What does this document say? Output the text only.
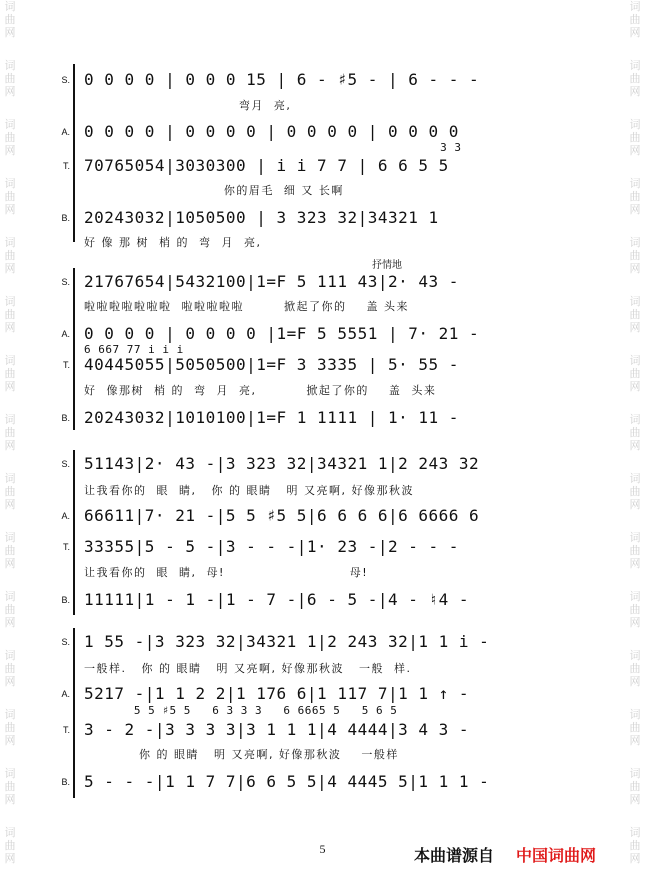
词
曲
网
词
曲
网
词
曲
网
词
曲
网
词
曲
网
词
曲
网
词
曲
网
词
曲
网
词
曲
网
词
曲
网
词
曲
网
词
曲
网
词
曲
网
词
曲
网
词
曲
网
词
曲
网
词
曲
网
词
曲
网
词
曲
网
词
曲
网
词
曲
网
词
曲
网
词
曲
网
词
曲
网
词
曲
网
词
曲
网
词
曲
网
词
曲
网
词
曲
网
词
曲
网
S. 0 0 0 0 | 0 0 0 15 | 6 - ♯5 - | 6 - - -
弯月  亮,
A. 0 0 0 0 | 0 0 0 0 | 0 0 0 0 | 0 0 0 0
3 3
T. 70765054|3030300 | i i 7 7 | 6 6 5 5
你的眉毛  细 又 长啊
B. 20243032|1050500 | 3 323 32|34321 1
好 像 那 树  梢 的  弯  月  亮,
抒情地
S. 21767654|5432100|1=F 5 111 43|2· 43 -
啦啦啦啦啦啦啦  啦啦啦啦啦        掀起了你的    盖 头来
A. 0 0 0 0 | 0 0 0 0 |1=F 5 5551 | 7· 21 -
6 667 77 i i i
T. 40445055|5050500|1=F 3 3335 | 5· 55 -
好  像那树  梢 的  弯  月  亮,          掀起了你的    盖  头来
B. 20243032|1010100|1=F 1 1111 | 1· 11 -
S. 51143|2· 43 -|3 323 32|34321 1|2 243 32
让我看你的  眼  睛,   你 的 眼睛   明 又亮啊, 好像那秋波
A. 66611|7· 21 -|5 5 ♯5 5|6 6 6 6|6 6666 6
T. 33355|5 - 5 -|3 - - -|1· 23 -|2 - - -
让我看你的  眼  睛,  母!                         母!
B. 11111|1 - 1 -|1 - 7 -|6 - 5 -|4 - ♮4 -
S. 1 55 -|3 323 32|34321 1|2 243 32|1 1 i -
一般样.   你 的 眼睛   明 又亮啊, 好像那秋波   一般  样.
A. 5217 -|1 1 2 2|1 176 6|1 117 7|1 1 ↑ -
5 5 ♯5 5   6 3 3 3   6 6665 5   5 6 5
T. 3 - 2 -|3 3 3 3|3 1 1 1|4 4444|3 4 3 -
你 的 眼睛   明 又亮啊, 好像那秋波    一般样
B. 5 - - -|1 1 7 7|6 6 5 5|4 4445 5|1 1 1 -
5	本曲谱源自 中国词曲网
